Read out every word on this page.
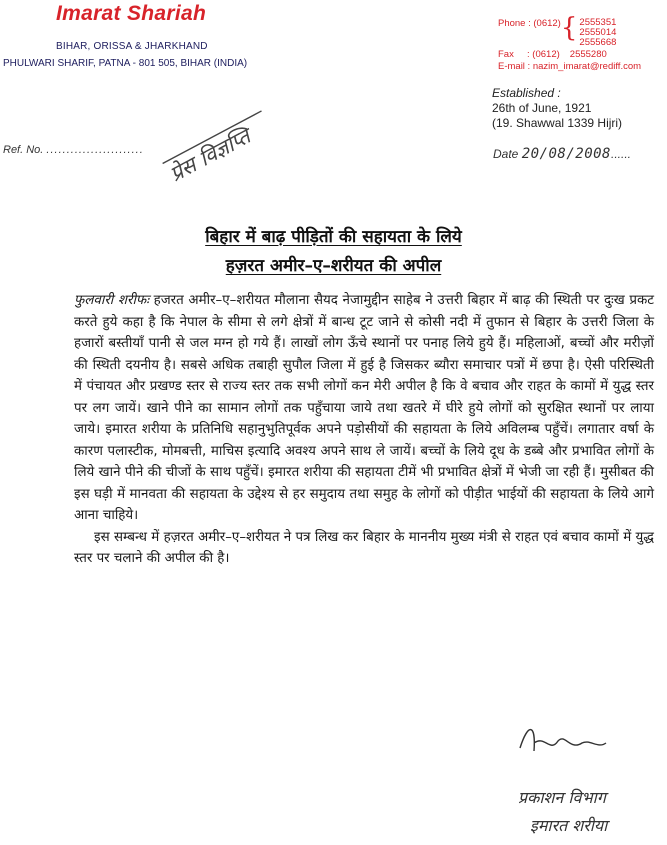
Imarat Shariah
BIHAR, ORISSA & JHARKHAND
PHULWARI SHARIF, PATNA - 801 505, BIHAR (INDIA)
Phone : (0612) { 2555351
2555014
2555668
Fax     : (0612) 2555280
E-mail : nazim_imarat@rediff.com
Established :
26th of June, 1921
(19. Shawwal 1339 Hijri)
प्रेस विज्ञप्ति
Ref. No. ........................	Date 20/08/2008......
बिहार में बाढ़ पीड़ितों की सहायता के लिये
हज़रत अमीर–ए–शरीयत की अपील

फुलवारी शरीफः हजरत अमीर–ए–शरीयत मौलाना सैयद नेजामुद्दीन साहेब ने उत्तरी बिहार में बाढ़ की स्थिती पर दुःख प्रकट करते हुये कहा है कि नेपाल के सीमा से लगे क्षेत्रों में बान्ध टूट जाने से कोसी नदी में तुफान से बिहार के उत्तरी जिला के हजारों बस्तीयाँ पानी से जल मग्न हो गये हैं। लाखों लोग ऊँचे स्थानों पर पनाह लिये हुये हैं। महिलाओं, बच्चों और मरीज़ों की स्थिती दयनीय है। सबसे अधिक तबाही सुपौल जिला में हुई है जिसकर ब्यौरा समाचार पत्रों में छपा है। ऐसी परिस्थिती में पंचायत और प्रखण्ड स्तर से राज्य स्तर तक सभी लोगों कन मेरी अपील है कि वे बचाव और राहत के कामों में युद्ध स्तर पर लग जायें। खाने पीने का सामान लोगों तक पहुँचाया जाये तथा खतरे में घीरे हुये लोगों को सुरक्षित स्थानों पर लाया जाये। इमारत शरीया के प्रतिनिधि सहानुभुतिपूर्वक अपने पड़ोसीयों की सहायता के लिये अविलम्ब पहुँचें। लगातार वर्षा के कारण पलास्टीक, मोमबत्ती, माचिस इत्यादि अवश्य अपने साथ ले जायें। बच्चों के लिये दूध के डब्बे और प्रभावित लोगों के लिये खाने पीने की चीजों के साथ पहुँचें। इमारत शरीया की सहायता टीमें भी प्रभावित क्षेत्रों में भेजी जा रही हैं। मुसीबत की इस घड़ी में मानवता की सहायता के उद्देश्य से हर समुदाय तथा समुह के लोगों को पीड़ीत भाईयों की सहायता के लिये आगे आना चाहिये।

इस सम्बन्ध में हज़रत अमीर–ए–शरीयत ने पत्र लिख कर बिहार के माननीय मुख्य मंत्री से राहत एवं बचाव कामों में युद्ध स्तर पर चलाने की अपील की है।

प्रकाशन विभाग
इमारत शरीया
